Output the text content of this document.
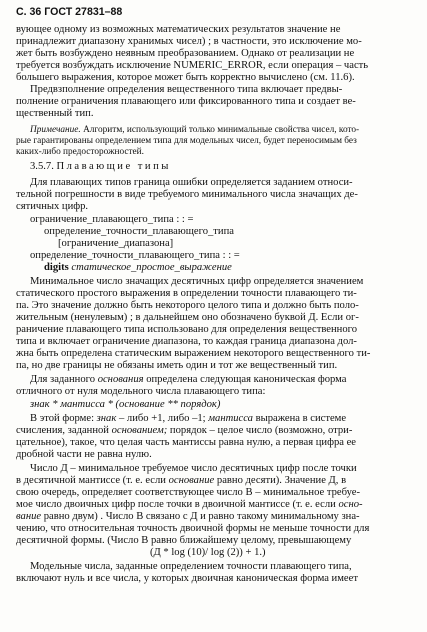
С. 36 ГОСТ 27831–88
вующее одному из возможных математических результатов значение не
принадлежит диапазону хранимых чисел) ; в частности, это исключение мо-
жет быть возбуждено неявным преобразованием. Однако от реализации не
требуется возбуждать исключение NUMERIC_ERROR, если операция – часть
большего выражения, которое может быть корректно вычислено (см. 11.6).
Предвзполнение определения вещественного типа включает предвы-
полнение ограничения плавающего или фиксированного типа и создает ве-
щественный тип.
Примечание. Алгоритм, использующий только минимальные свойства чисел, кото-
рые гарантированы определением типа для модельных чисел, будет переносимым без
каких-либо предосторожностей.
3.5.7. Плавающие типы
Для плавающих типов граница ошибки определяется заданием относи-
тельной погрешности в виде требуемого минимального числа значащих де-
сятичных цифр.
ограничение_плавающего_типа : : =
определение_точности_плавающего_типа
[ограничение_диапазона]
определение_точности_плавающего_типа : : =
digits статическое_простое_выражение
Минимальное число значащих десятичных цифр определяется значением
статического простого выражения в определении точности плавающего ти-
па. Это значение должно быть некоторого целого типа и должно быть поло-
жительным (ненулевым) ; в дальнейшем оно обозначено буквой Д. Если ог-
раничение плавающего типа использовано для определения вещественного
типа и включает ограничение диапазона, то каждая граница диапазона дол-
жна быть определена статическим выражением некоторого вещественного ти-
па, но две границы не обязаны иметь один и тот же вещественный тип.
Для заданного основания определена следующая каноническая форма
отличного от нуля модельного числа плавающего типа:
знак * мантисса * (основание ** порядок)
В этой форме: знак – либо +1, либо –1; мантисса выражена в системе
счисления, заданной основанием; порядок – целое число (возможно, отри-
цательное), такое, что целая часть мантиссы равна нулю, а первая цифра ее
дробной части не равна нулю.
Число Д – минимальное требуемое число десятичных цифр после точки
в десятичной мантиссе (т. е. если основание равно десяти). Значение Д, в
свою очередь, определяет соответствующее число В – минимальное требуе-
мое число двоичных цифр после точки в двоичной мантиссе (т. е. если осно-
вание равно двум) . Число В связано с Д и равно такому минимальному зна-
чению, что относительная точность двоичной формы не меньше точности для
десятичной формы. (Число В равно ближайшему целому, превышающему
(Д * log (10)/ log (2)) + 1.)
Модельные числа, заданные определением точности плавающего типа,
включают нуль и все числа, у которых двоичная каноническая форма имеет
